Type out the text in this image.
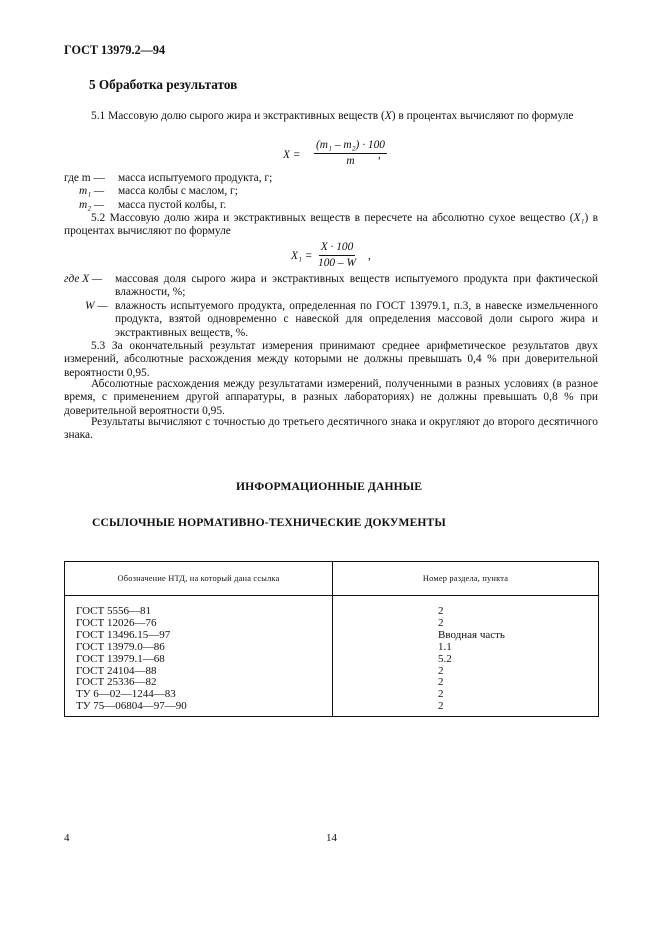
ГОСТ 13979.2—94
5 Обработка результатов
5.1 Массовую долю сырого жира и экстрактивных веществ (X) в процентах вычисляют по формуле
$X = \frac{\text{(m₁ – m₂) · 100}}{m}$
,
где m —	масса испытуемого продукта, г;
m₁ —	масса колбы с маслом, г;
m₂ —	масса пустой колбы, г.
5.2 Массовую долю жира и экстрактивных веществ в пересчете на абсолютно сухое вещество (X₁) в процентах вычисляют по формуле
$X_1 = \frac{X \cdot 100}{100 - W}$ ,
где X —	массовая доля сырого жира и экстрактивных веществ испытуемого продукта при фактической влажности, %;
W — влажность испытуемого продукта, определенная по ГОСТ 13979.1, п.3, в навеске измельченного продукта, взятой одновременно с навеской для определения массовой доли сырого жира и экстрактивных веществ, %.
5.3 За окончательный результат измерения принимают среднее арифметическое результатов двух измерений, абсолютные расхождения между которыми не должны превышать 0,4 % при доверительной вероятности 0,95.
Абсолютные расхождения между результатами измерений, полученными в разных условиях (в разное время, с применением другой аппаратуры, в разных лабораториях) не должны превышать 0,8 % при доверительной вероятности 0,95.
Результаты вычисляют с точностью до третьего десятичного знака и округляют до второго десятичного знака.
ИНФОРМАЦИОННЫЕ ДАННЫЕ
ССЫЛОЧНЫЕ НОРМАТИВНО-ТЕХНИЧЕСКИЕ ДОКУМЕНТЫ
Обозначение НТД, на который дана ссылка	Номер раздела, пункта
ГОСТ 5556—81	2
ГОСТ 12026—76	2
ГОСТ 13496.15—97	Вводная часть
ГОСТ 13979.0—86	1.1
ГОСТ 13979.1—68	5.2
ГОСТ 24104—88	2
ГОСТ 25336—82	2
ТУ 6—02—1244—83	2
ТУ 75—06804—97—90	2
4	14
